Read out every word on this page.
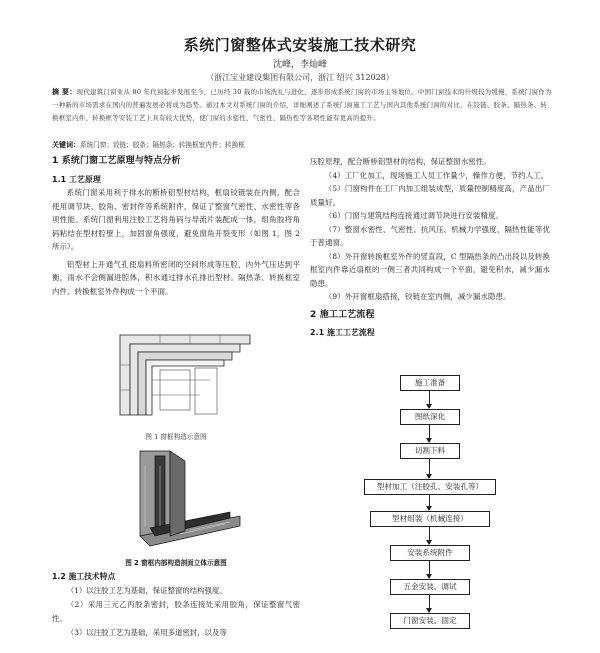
系统门窗整体式安装施工技术研究
沈峰，李灿峰
（浙江宝业建设集团有限公司，浙江 绍兴 312028）
摘 要：现代建筑门窗业从 80 年代初起步发展至今，已历经 30 载的市场洗礼与进化，逐步形成系统门窗的市场主导地位。中国门窗技术的升级较为缓慢，系统门窗作为一种新的市场需求在国内的普遍发展必将成为趋势。通过本文对系统门窗的介绍，详细阐述了系统门窗施工工艺与国内其他系统门窗的对比，在铰链、胶条、隔热条、转换框室内件、转换框等安装工艺上具有较大优势，使门窗的水密性、气密性、隔热性等各项性能有更高的提升。
关键词：系统门窗；铰链；胶条；隔热条；转换框室内件；转换框
1 系统门窗工艺原理与特点分析
1.1 工艺原理

系统门窗采用利于排水的断桥铝型材结构，框扇铰链装在内侧，配合使用调节块、胶角、密封件等系统附件，保证了整窗气密性、水密性等各项性能。系统门窗利用注胶工艺将角码与导流片装配成一体，组角胶将角码粘结在型材腔壁上，加固窗角强度，避免窗角开裂变形（如图 1，图 2 所示）。

铝型材上开通气孔使扇料所密闭的空间形成等压腔，内外气压达到平衡，雨水不会侧漏进腔体，积水通过排水孔排出型材。隔热条、转换框室内件、转换框室外件构成一个平面。

图 1 窗框构造示意图
图 2 窗框内部构造剖面立体示意图
1.2 施工技术特点

（1）以注胶工艺为基础，保证整窗的结构强度。

（2）采用三元乙丙胶条密封，胶条连接处采用胶角，保证整窗气密性。

（3）以注胶工艺为基础，采用多道密封，以及等

压腔原理，配合断桥铝型材的结构，保证整窗水密性。

（4）工厂化加工，现场施工人员工作量少，操作方便，节约人工。

（5）门窗构件在工厂内加工组装成型，质量控制精度高，产品出厂质量好。

（6）门窗与建筑结构连接通过调节块进行安装精度。

（7）整窗水密性、气密性、抗风压、机械力学强度、隔热性能等优于普通窗。

（8）外开窗转换框室外件的竖直段，C 型隔热条的凸出段以及转换框室内件靠近扇框的一侧三者共同构成一个平面，避免积水，减少漏水隐患。

（9）外开窗框扇搭接，铰链在室内侧，减少漏水隐患。

2 施工工艺流程
2.1 施工工艺流程
施工准备
图纸深化
切割下料
型材加工（注胶孔、安装孔等）
型材组装（机械连接）
安装系统附件
五金安装、调试
门窗安装、固定
